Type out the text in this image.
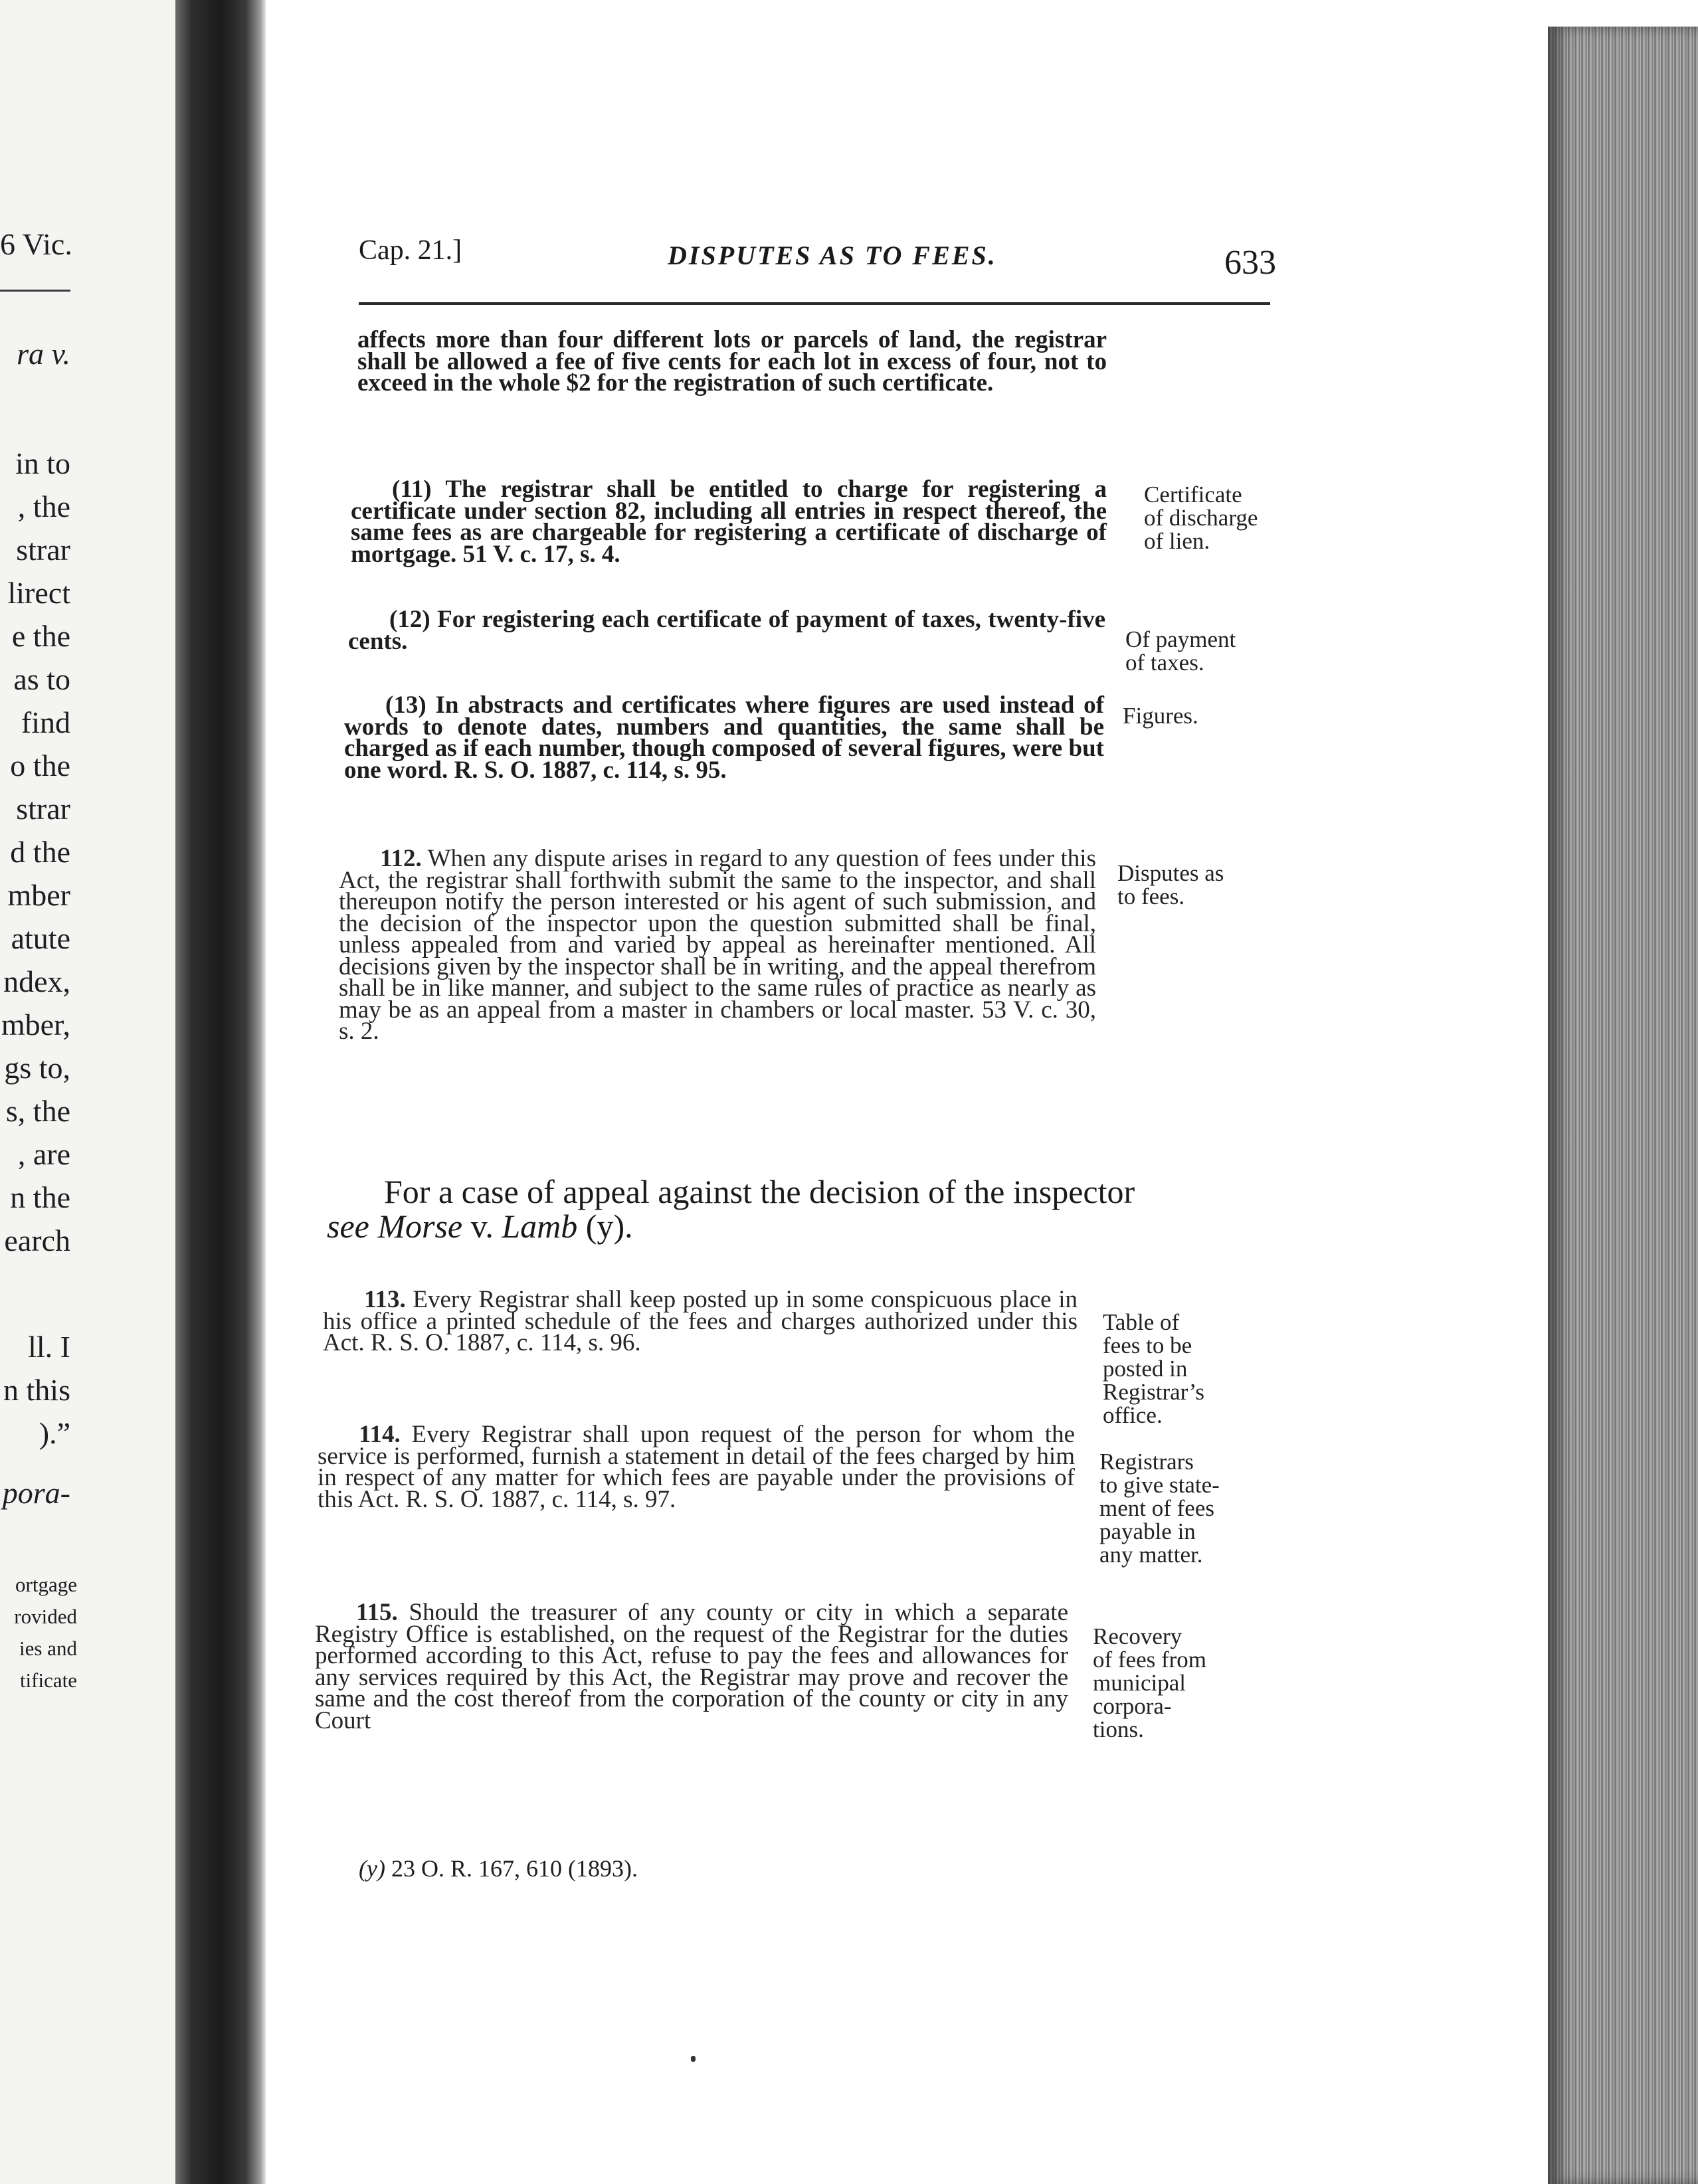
6 Vic.
ra v.
in to
, the
strar
lirect
e the
as to
find
o the
strar
d the
mber
atute
ndex,
mber,
gs to,
s, the
, are
n the
earch
ll. I
n this
).”
pora-
ortgage
rovided
ies and
tificate
Cap. 21.]	DISPUTES AS TO FEES.	633
affects more than four different lots or parcels of land, the registrar shall be allowed a fee of five cents for each lot in excess of four, not to exceed in the whole $2 for the registration of such certificate.
(11) The registrar shall be entitled to charge for registering a certificate under section 82, including all entries in respect thereof, the same fees as are chargeable for registering a certificate of discharge of mortgage. 51 V. c. 17, s. 4.
(12) For registering each certificate of payment of taxes, twenty-five cents.
(13) In abstracts and certificates where figures are used instead of words to denote dates, numbers and quantities, the same shall be charged as if each number, though composed of several figures, were but one word. R. S. O. 1887, c. 114, s. 95.
112. When any dispute arises in regard to any question of fees under this Act, the registrar shall forthwith submit the same to the inspector, and shall thereupon notify the person interested or his agent of such submission, and the decision of the inspector upon the question submitted shall be final, unless appealed from and varied by appeal as hereinafter mentioned. All decisions given by the inspector shall be in writing, and the appeal therefrom shall be in like manner, and subject to the same rules of practice as nearly as may be as an appeal from a master in chambers or local master. 53 V. c. 30, s. 2.
For a case of appeal against the decision of the inspector
see Morse v. Lamb (y).
113. Every Registrar shall keep posted up in some conspicuous place in his office a printed schedule of the fees and charges authorized under this Act. R. S. O. 1887, c. 114, s. 96.
114. Every Registrar shall upon request of the person for whom the service is performed, furnish a statement in detail of the fees charged by him in respect of any matter for which fees are payable under the provisions of this Act. R. S. O. 1887, c. 114, s. 97.
115. Should the treasurer of any county or city in which a separate Registry Office is established, on the request of the Registrar for the duties performed according to this Act, refuse to pay the fees and allowances for any services required by this Act, the Registrar may prove and recover the same and the cost thereof from the corporation of the county or city in any Court
Certificate
of discharge
of lien.
Of payment
of taxes.
Figures.
Disputes as
to fees.
Table of
fees to be
posted in
Registrar’s
office.
Registrars
to give state-
ment of fees
payable in
any matter.
Recovery
of fees from
municipal
corpora-
tions.
(y) 23 O. R. 167, 610 (1893).
